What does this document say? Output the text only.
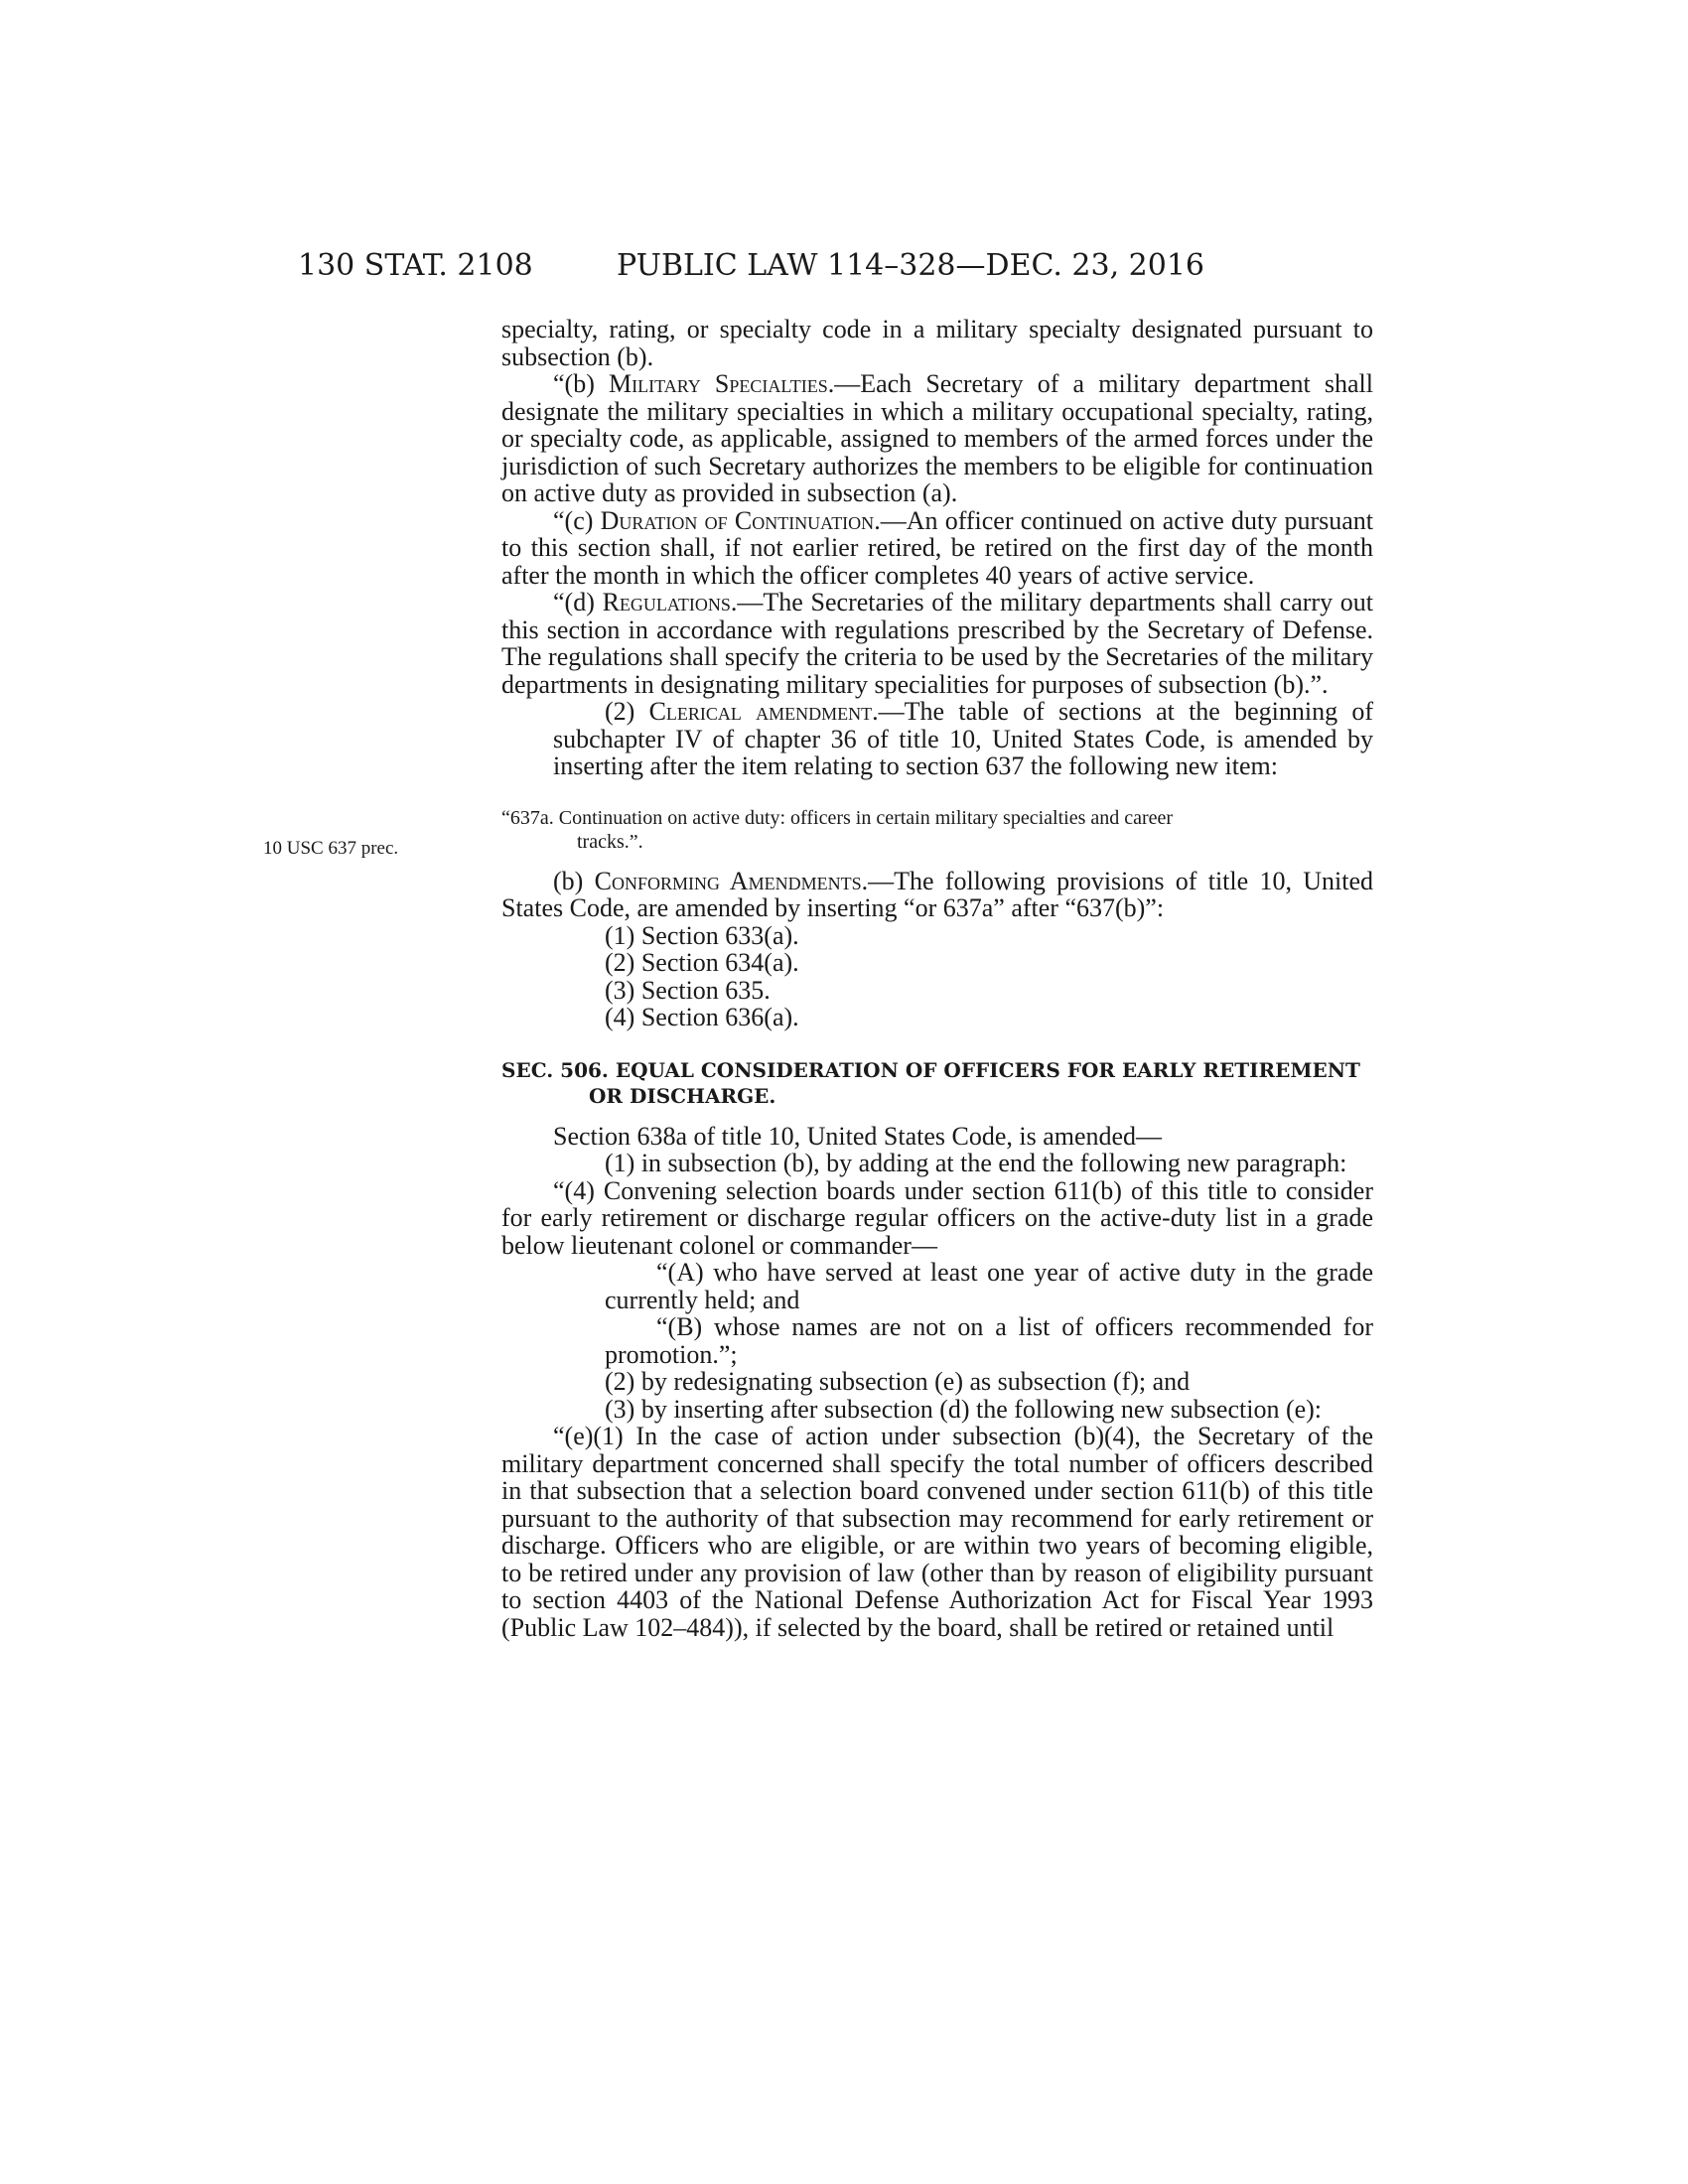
130 STAT. 2108	PUBLIC LAW 114–328—DEC. 23, 2016
10 USC 637 prec.

specialty, rating, or specialty code in a military specialty designated pursuant to subsection (b).

“(b) Military Specialties.—Each Secretary of a military department shall designate the military specialties in which a military occupational specialty, rating, or specialty code, as applicable, assigned to members of the armed forces under the jurisdiction of such Secretary authorizes the members to be eligible for continuation on active duty as provided in subsection (a).

“(c) Duration of Continuation.—An officer continued on active duty pursuant to this section shall, if not earlier retired, be retired on the first day of the month after the month in which the officer completes 40 years of active service.

“(d) Regulations.—The Secretaries of the military departments shall carry out this section in accordance with regulations prescribed by the Secretary of Defense. The regulations shall specify the criteria to be used by the Secretaries of the military departments in designating military specialities for purposes of subsection (b).”.

(2) Clerical amendment.—The table of sections at the beginning of subchapter IV of chapter 36 of title 10, United States Code, is amended by inserting after the item relating to section 637 the following new item:

“637a. Continuation on active duty: officers in certain military specialties and career
tracks.”.

(b) Conforming Amendments.—The following provisions of title 10, United States Code, are amended by inserting “or 637a” after “637(b)”:

(1) Section 633(a).
(2) Section 634(a).
(3) Section 635.
(4) Section 636(a).
SEC. 506. EQUAL CONSIDERATION OF OFFICERS FOR EARLY RETIREMENT OR DISCHARGE.

Section 638a of title 10, United States Code, is amended—

(1) in subsection (b), by adding at the end the following new paragraph:

“(4) Convening selection boards under section 611(b) of this title to consider for early retirement or discharge regular officers on the active-duty list in a grade below lieutenant colonel or commander—

“(A) who have served at least one year of active duty in the grade currently held; and

“(B) whose names are not on a list of officers recommended for promotion.”;

(2) by redesignating subsection (e) as subsection (f); and

(3) by inserting after subsection (d) the following new subsection (e):

“(e)(1) In the case of action under subsection (b)(4), the Secretary of the military department concerned shall specify the total number of officers described in that subsection that a selection board convened under section 611(b) of this title pursuant to the authority of that subsection may recommend for early retirement or discharge. Officers who are eligible, or are within two years of becoming eligible, to be retired under any provision of law (other than by reason of eligibility pursuant to section 4403 of the National Defense Authorization Act for Fiscal Year 1993 (Public Law 102–484)), if selected by the board, shall be retired or retained until
